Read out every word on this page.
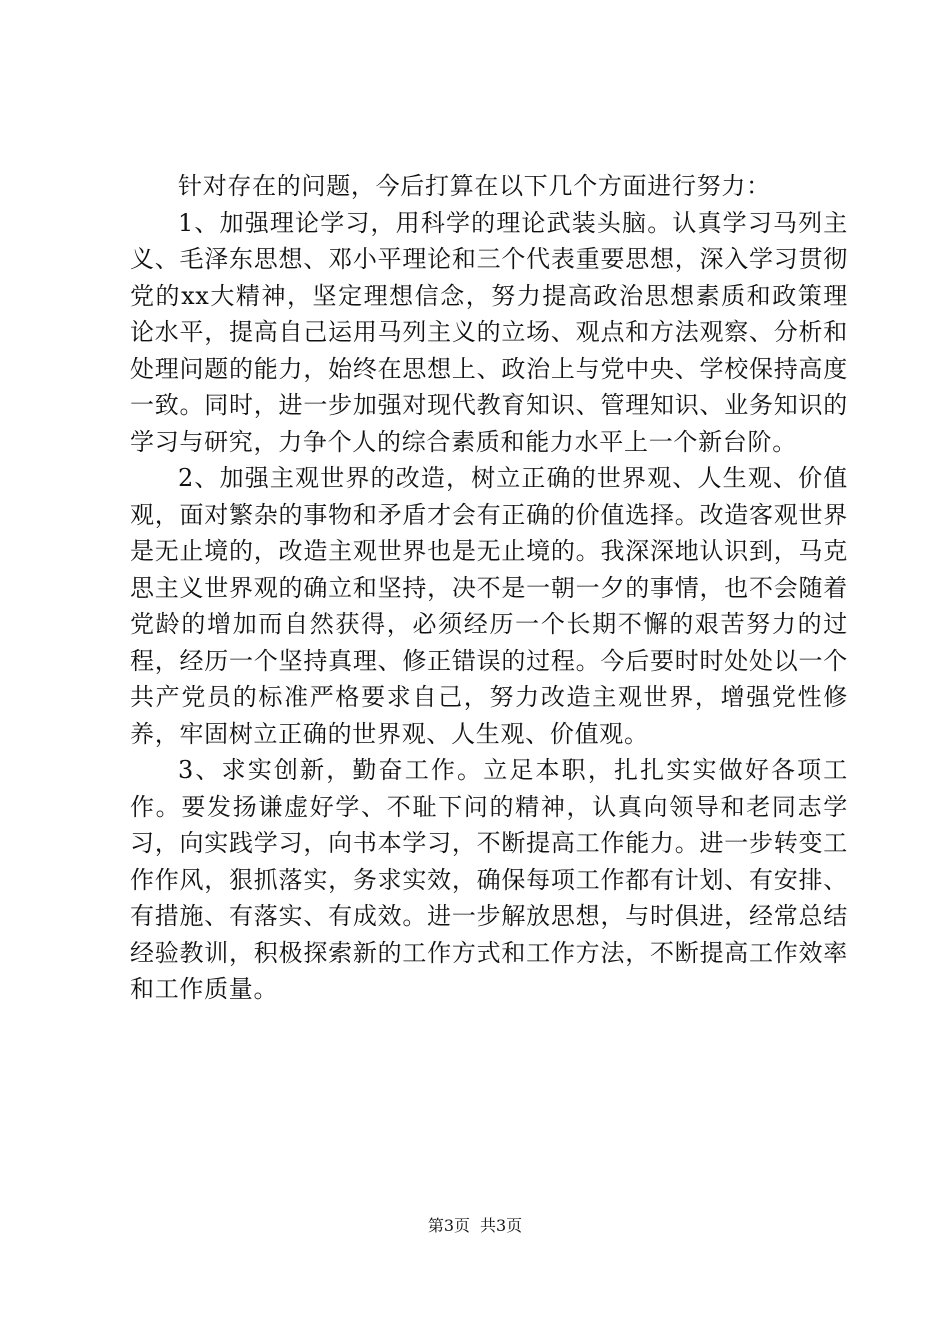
针对存在的问题，今后打算在以下几个方面进行努力：

1、加强理论学习，用科学的理论武装头脑。认真学习马列主义、毛泽东思想、邓小平理论和三个代表重要思想，深入学习贯彻党的xx大精神，坚定理想信念，努力提高政治思想素质和政策理论水平，提高自己运用马列主义的立场、观点和方法观察、分析和处理问题的能力，始终在思想上、政治上与党中央、学校保持高度一致。同时，进一步加强对现代教育知识、管理知识、业务知识的学习与研究，力争个人的综合素质和能力水平上一个新台阶。

2、加强主观世界的改造，树立正确的世界观、人生观、价值观，面对繁杂的事物和矛盾才会有正确的价值选择。改造客观世界是无止境的，改造主观世界也是无止境的。我深深地认识到，马克思主义世界观的确立和坚持，决不是一朝一夕的事情，也不会随着党龄的增加而自然获得，必须经历一个长期不懈的艰苦努力的过程，经历一个坚持真理、修正错误的过程。今后要时时处处以一个共产党员的标准严格要求自己，努力改造主观世界，增强党性修养，牢固树立正确的世界观、人生观、价值观。

3、求实创新，勤奋工作。立足本职，扎扎实实做好各项工作。要发扬谦虚好学、不耻下问的精神，认真向领导和老同志学习，向实践学习，向书本学习，不断提高工作能力。进一步转变工作作风，狠抓落实，务求实效，确保每项工作都有计划、有安排、有措施、有落实、有成效。进一步解放思想，与时俱进，经常总结经验教训，积极探索新的工作方式和工作方法，不断提高工作效率和工作质量。

第3页 共3页
